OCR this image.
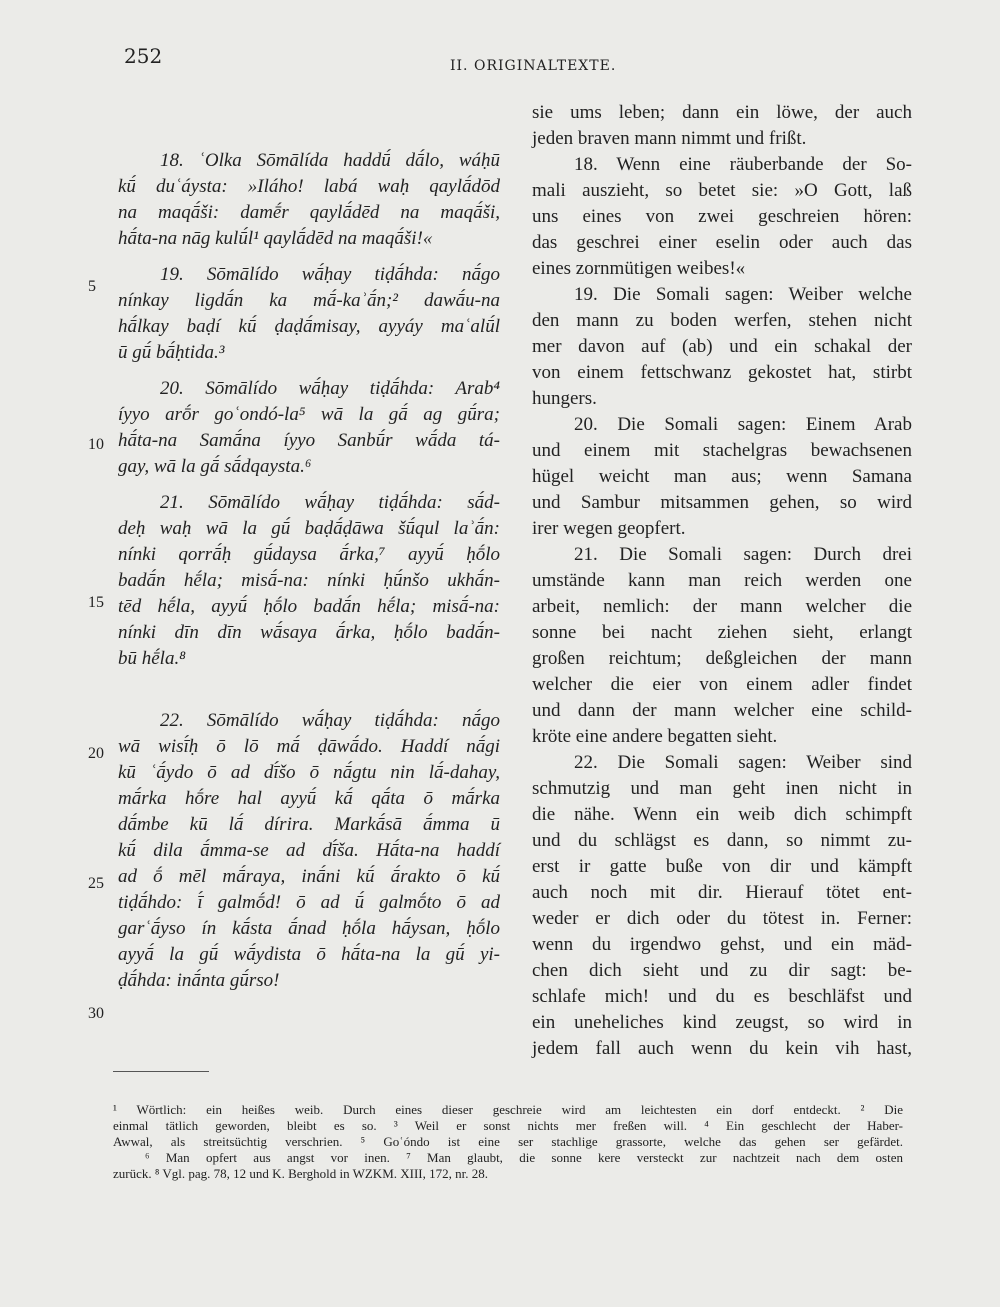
252	II. ORIGINALTEXTE.
5
10
15
20
25
30
18. ʿOlka Sōmālída haddū́ dā́lo, wáḥū
kū́ duʿáysta: »Iláho! labá waḥ qaylā́dōd
na maqā́ši: damḗr qaylā́dēd na maqā́ši,
hā́ta-na nāg kulū́l¹ qaylā́dēd na maqā́ši!«
19. Sōmālído wā́ḥay tiḍā́hda: nā́go
nínkay ligdā́n ka mā́-kaʾā́n;² dawā́u-na
hā́lkay baḍí kū́ ḍaḍā́misay, ayyáy maʿalū́l
ū gū́ bā́ḥtida.³
20. Sōmālído wā́ḥay tiḍā́hda: Arab⁴
íyyo arṓr goʿondó-la⁵ wā la gā́ ag gū́ra;
hā́ta-na Samā́na íyyo Sanbū́r wā́da tá-
gay, wā la gā́ sā́dqaysta.⁶
21. Sōmālído wā́ḥay tiḍā́hda: sā́d-
deḥ waḥ wā la gū́ baḍā́ḍāwa šū́qul laʾā́n:
nínki qorrā́ḥ gū́daysa ā́rka,⁷ ayyū́ ḥṓlo
badā́n hḗla; misā́-na: nínki ḥū́nšo ukhā́n-
tēd hḗla, ayyū́ ḥṓlo badā́n hḗla; misā́-na:
nínki dīn dīn wā́saya ā́rka, ḥṓlo badā́n-
bū hḗla.⁸
22. Sōmālído wā́ḥay tiḍā́hda: nā́go
wā wisī́ḥ ō lō mā́ ḍāwā́do. Haddí nā́gi
kū ʿā́ydo ō ad dī́šo ō nā́gtu nin lā́-dahay,
mā́rka hṓre hal ayyū́ kā́ qā́ta ō mā́rka
dā́mbe kū lā́ dírira. Markā́sā ā́mma ū
kū́ dila ā́mma-se ad dī́ša. Hā́ta-na haddí
ad ṓ mēl mā́raya, inā́ni kū́ ā́rakto ō kū́
tiḍā́hdo: ī́ galmṓd! ō ad ū́ galmṓto ō ad
garʿā́yso ín kā́sta ā́nad ḥṓla hā́ysan, ḥṓlo
ayyā́ la gū́ wā́ydista ō hā́ta-na la gū́ yi-
ḍā́hda: inā́nta gū́rso!
sie ums leben; dann ein löwe, der auch
jeden braven mann nimmt und frißt.
18. Wenn eine räuberbande der So-
mali auszieht, so betet sie: »O Gott, laß
uns eines von zwei geschreien hören:
das geschrei einer eselin oder auch das
eines zornmütigen weibes!«
19. Die Somali sagen: Weiber welche
den mann zu boden werfen, stehen nicht
mer davon auf (ab) und ein schakal der
von einem fettschwanz gekostet hat, stirbt
hungers.
20. Die Somali sagen: Einem Arab
und einem mit stachelgras bewachsenen
hügel weicht man aus; wenn Samana
und Sambur mitsammen gehen, so wird
irer wegen geopfert.
21. Die Somali sagen: Durch drei
umstände kann man reich werden one
arbeit, nemlich: der mann welcher die
sonne bei nacht ziehen sieht, erlangt
großen reichtum; deßgleichen der mann
welcher die eier von einem adler findet
und dann der mann welcher eine schild-
kröte eine andere begatten sieht.
22. Die Somali sagen: Weiber sind
schmutzig und man geht inen nicht in
die nähe. Wenn ein weib dich schimpft
und du schlägst es dann, so nimmt zu-
erst ir gatte buße von dir und kämpft
auch noch mit dir. Hierauf tötet ent-
weder er dich oder du tötest in. Ferner:
wenn du irgendwo gehst, und ein mäd-
chen dich sieht und zu dir sagt: be-
schlafe mich! und du es beschläfst und
ein uneheliches kind zeugst, so wird in
jedem fall auch wenn du kein vih hast,
¹ Wörtlich: ein heißes weib. Durch eines dieser geschreie wird am leichtesten ein dorf entdeckt. ² Die
einmal tätlich geworden, bleibt es so. ³ Weil er sonst nichts mer freßen will. ⁴ Ein geschlecht der Haber-
Awwal, als streitsüchtig verschrien. ⁵ Goʿóndo ist eine ser stachlige grassorte, welche das gehen ser gefärdet.
⁶ Man opfert aus angst vor inen. ⁷ Man glaubt, die sonne kere versteckt zur nachtzeit nach dem osten
zurück. ⁸ Vgl. pag. 78, 12 und K. Berghold in WZKM. XIII, 172, nr. 28.
